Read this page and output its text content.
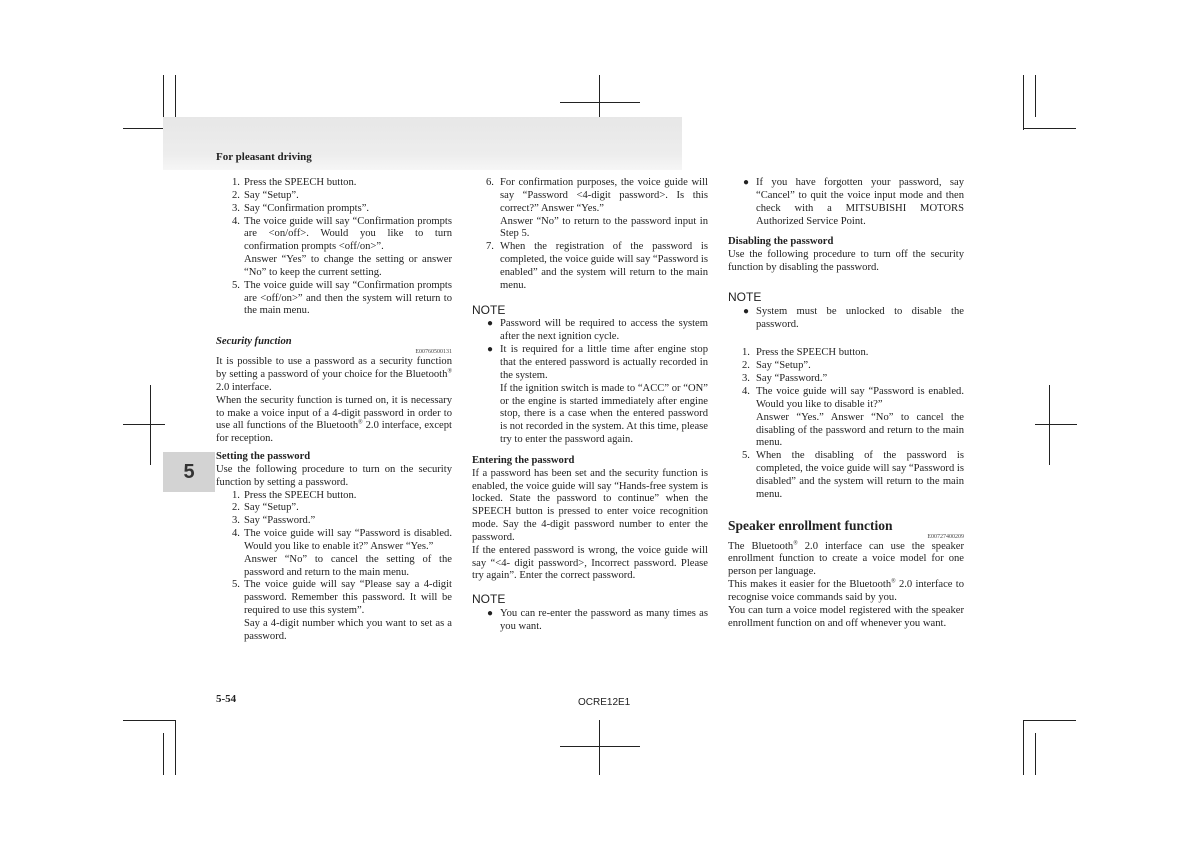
For pleasant driving
5
1. Press the SPEECH button.
2. Say “Setup”.
3. Say “Confirmation prompts”.
4. The voice guide will say “Confirmation prompts are <on/off>. Would you like to turn confirmation prompts <off/on>”.
Answer “Yes” to change the setting or answer “No” to keep the current setting.
5. The voice guide will say “Confirmation prompts are <off/on>” and then the system will return to the main menu.
Security function
E00760500131
It is possible to use a password as a security function by setting a password of your choice for the Bluetooth® 2.0 interface.
When the security function is turned on, it is necessary to make a voice input of a 4-digit password in order to use all functions of the Bluetooth® 2.0 interface, except for reception.
Setting the password
Use the following procedure to turn on the security function by setting a password.
1. Press the SPEECH button.
2. Say “Setup”.
3. Say “Password.”
4. The voice guide will say “Password is disabled. Would you like to enable it?” Answer “Yes.”
Answer “No” to cancel the setting of the password and return to the main menu.
5. The voice guide will say “Please say a 4-digit password. Remember this password. It will be required to use this system”.
Say a 4-digit number which you want to set as a password.
6. For confirmation purposes, the voice guide will say “Password <4-digit password>. Is this correct?” Answer “Yes.”
Answer “No” to return to the password input in Step 5.
7. When the registration of the password is completed, the voice guide will say “Password is enabled” and the system will return to the main menu.
NOTE
● Password will be required to access the system after the next ignition cycle.
● It is required for a little time after engine stop that the entered password is actually recorded in the system.
If the ignition switch is made to “ACC” or “ON” or the engine is started immediately after engine stop, there is a case when the entered password is not recorded in the system. At this time, please try to enter the password again.
Entering the password
If a password has been set and the security function is enabled, the voice guide will say “Hands-free system is locked. State the password to continue” when the SPEECH button is pressed to enter voice recognition mode. Say the 4-digit password number to enter the password.
If the entered password is wrong, the voice guide will say “<4- digit password>, Incorrect password. Please try again”. Enter the correct password.
NOTE
● You can re-enter the password as many times as you want.
● If you have forgotten your password, say “Cancel” to quit the voice input mode and then check with a MITSUBISHI MOTORS Authorized Service Point.
Disabling the password
Use the following procedure to turn off the security function by disabling the password.
NOTE
● System must be unlocked to disable the password.
1. Press the SPEECH button.
2. Say “Setup”.
3. Say “Password.”
4. The voice guide will say “Password is enabled. Would you like to disable it?”
Answer “Yes.” Answer “No” to cancel the disabling of the password and return to the main menu.
5. When the disabling of the password is completed, the voice guide will say “Password is disabled” and the system will return to the main menu.
Speaker enrollment function
E00727400209
The Bluetooth® 2.0 interface can use the speaker enrollment function to create a voice model for one person per language.
This makes it easier for the Bluetooth® 2.0 interface to recognise voice commands said by you.
You can turn a voice model registered with the speaker enrollment function on and off whenever you want.
5-54	OCRE12E1
